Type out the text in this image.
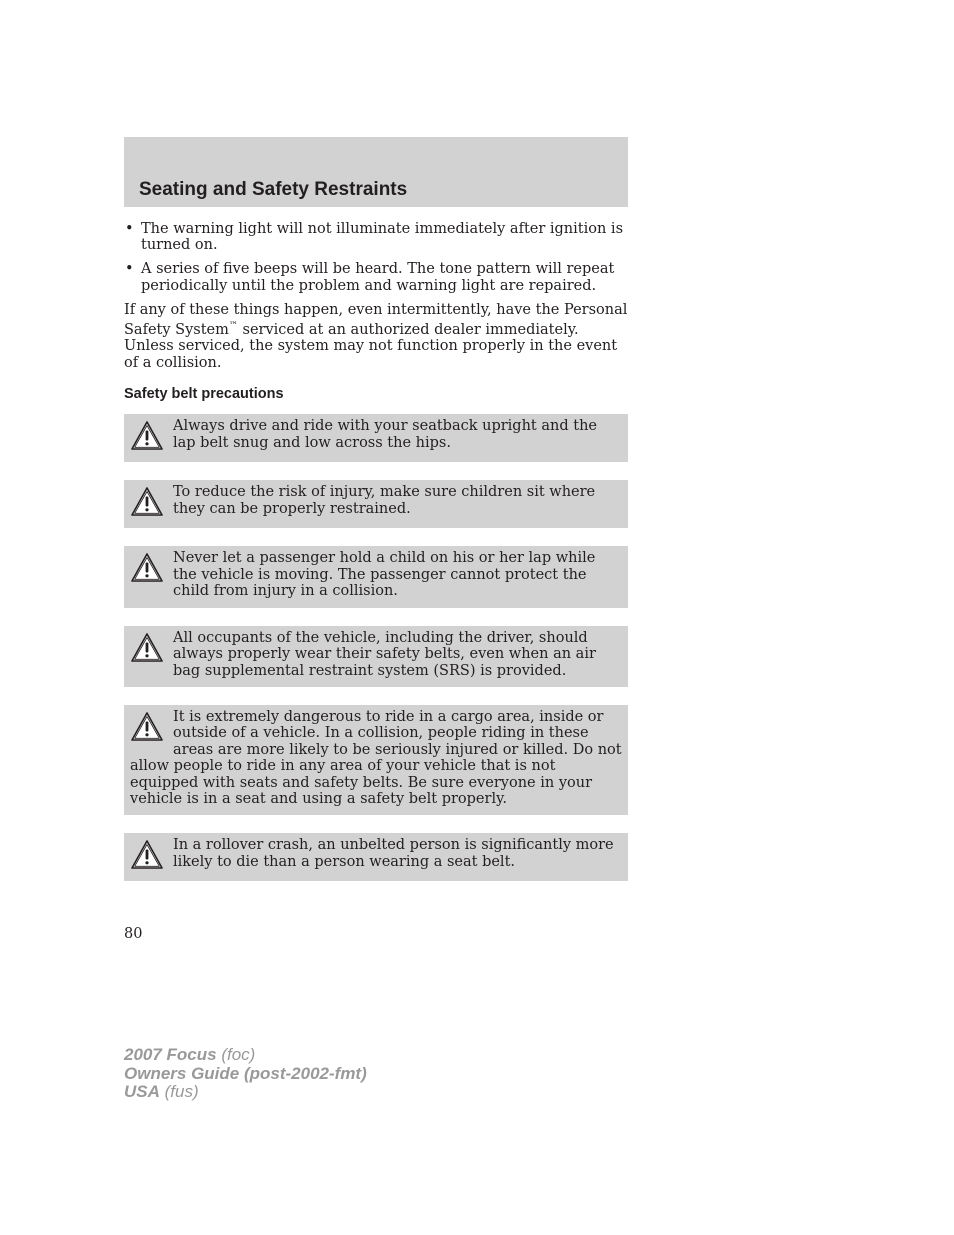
Seating and Safety Restraints
• The warning light will not illuminate immediately after ignition is turned on.
• A series of five beeps will be heard. The tone pattern will repeat periodically until the problem and warning light are repaired.

If any of these things happen, even intermittently, have the Personal Safety System™ serviced at an authorized dealer immediately. Unless serviced, the system may not function properly in the event of a collision.

Safety belt precautions
Always drive and ride with your seatback upright and the lap belt snug and low across the hips.
To reduce the risk of injury, make sure children sit where they can be properly restrained.
Never let a passenger hold a child on his or her lap while the vehicle is moving. The passenger cannot protect the child from injury in a collision.
All occupants of the vehicle, including the driver, should always properly wear their safety belts, even when an air bag supplemental restraint system (SRS) is provided.
It is extremely dangerous to ride in a cargo area, inside or outside of a vehicle. In a collision, people riding in these areas are more likely to be seriously injured or killed. Do not allow people to ride in any area of your vehicle that is not equipped with seats and safety belts. Be sure everyone in your vehicle is in a seat and using a safety belt properly.
In a rollover crash, an unbelted person is significantly more likely to die than a person wearing a seat belt.
80
2007 Focus (foc)
Owners Guide (post-2002-fmt)
USA (fus)
